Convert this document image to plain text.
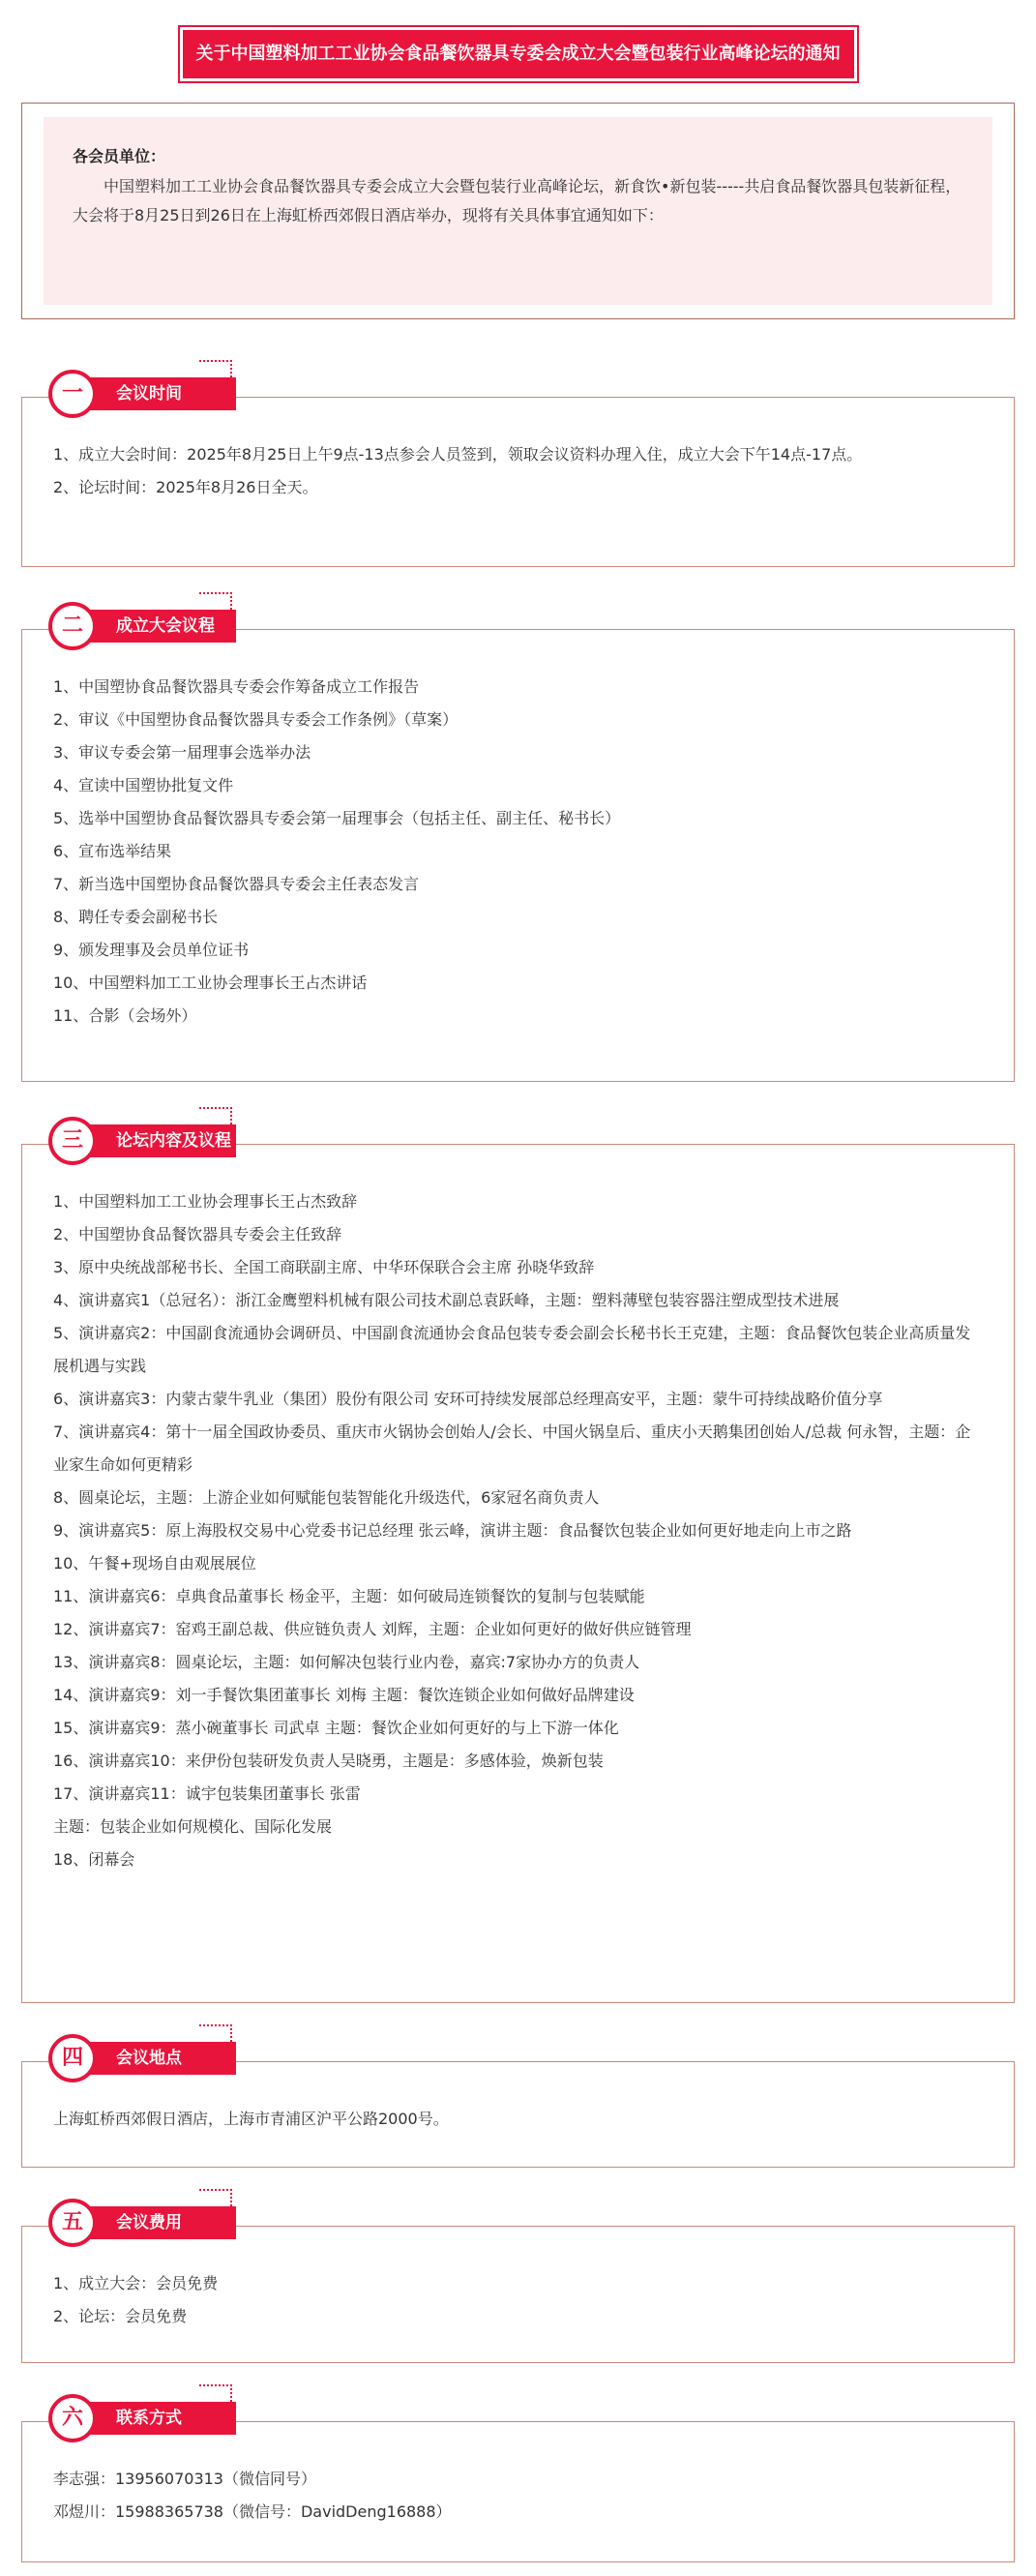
关于中国塑料加工工业协会食品餐饮器具专委会成立大会暨包装行业高峰论坛的通知

各会员单位：

中国塑料加工工业协会食品餐饮器具专委会成立大会暨包装行业高峰论坛，新食饮•新包装-----共启食品餐饮器具包装新征程，大会将于8月25日到26日在上海虹桥西郊假日酒店举办，现将有关具体事宜通知如下：

1、成立大会时间：2025年8月25日上午9点-13点参会人员签到，领取会议资料办理入住，成立大会下午14点-17点。

2、论坛时间：2025年8月26日全天。

会议时间
一

1、中国塑协食品餐饮器具专委会作筹备成立工作报告

2、审议《中国塑协食品餐饮器具专委会工作条例》（草案）

3、审议专委会第一届理事会选举办法

4、宣读中国塑协批复文件

5、选举中国塑协食品餐饮器具专委会第一届理事会（包括主任、副主任、秘书长）

6、宣布选举结果

7、新当选中国塑协食品餐饮器具专委会主任表态发言

8、聘任专委会副秘书长

9、颁发理事及会员单位证书

10、中国塑料加工工业协会理事长王占杰讲话

11、合影（会场外）

成立大会议程
二

1、中国塑料加工工业协会理事长王占杰致辞

2、中国塑协食品餐饮器具专委会主任致辞

3、原中央统战部秘书长、全国工商联副主席、中华环保联合会主席 孙晓华致辞

4、演讲嘉宾1（总冠名）：浙江金鹰塑料机械有限公司技术副总袁跃峰，主题：塑料薄壁包装容器注塑成型技术进展

5、演讲嘉宾2：中国副食流通协会调研员、中国副食流通协会食品包装专委会副会长秘书长王克建，主题：食品餐饮包装企业高质量发展机遇与实践

6、演讲嘉宾3：内蒙古蒙牛乳业（集团）股份有限公司 安环可持续发展部总经理高安平，主题：蒙牛可持续战略价值分享

7、演讲嘉宾4：第十一届全国政协委员、重庆市火锅协会创始人/会长、中国火锅皇后、重庆小天鹅集团创始人/总裁 何永智，主题：企业家生命如何更精彩

8、圆桌论坛，主题：上游企业如何赋能包装智能化升级迭代，6家冠名商负责人

9、演讲嘉宾5：原上海股权交易中心党委书记总经理 张云峰，演讲主题：食品餐饮包装企业如何更好地走向上市之路

10、午餐+现场自由观展展位

11、演讲嘉宾6：卓典食品董事长 杨金平，主题：如何破局连锁餐饮的复制与包装赋能

12、演讲嘉宾7：窑鸡王副总裁、供应链负责人 刘辉，主题：企业如何更好的做好供应链管理

13、演讲嘉宾8：圆桌论坛，主题：如何解决包装行业内卷，嘉宾:7家协办方的负责人

14、演讲嘉宾9：刘一手餐饮集团董事长 刘梅 主题：餐饮连锁企业如何做好品牌建设

15、演讲嘉宾9：蒸小碗董事长 司武卓 主题：餐饮企业如何更好的与上下游一体化

16、演讲嘉宾10：来伊份包装研发负责人吴晓勇，主题是：多感体验，焕新包装

17、演讲嘉宾11：诚宇包装集团董事长 张雷

主题：包装企业如何规模化、国际化发展

18、闭幕会

论坛内容及议程
三

上海虹桥西郊假日酒店，上海市青浦区沪平公路2000号。

会议地点
四

1、成立大会：会员免费

2、论坛：会员免费

会议费用
五

李志强：13956070313（微信同号）

邓煜川：15988365738（微信号：DavidDeng16888）

联系方式
六
